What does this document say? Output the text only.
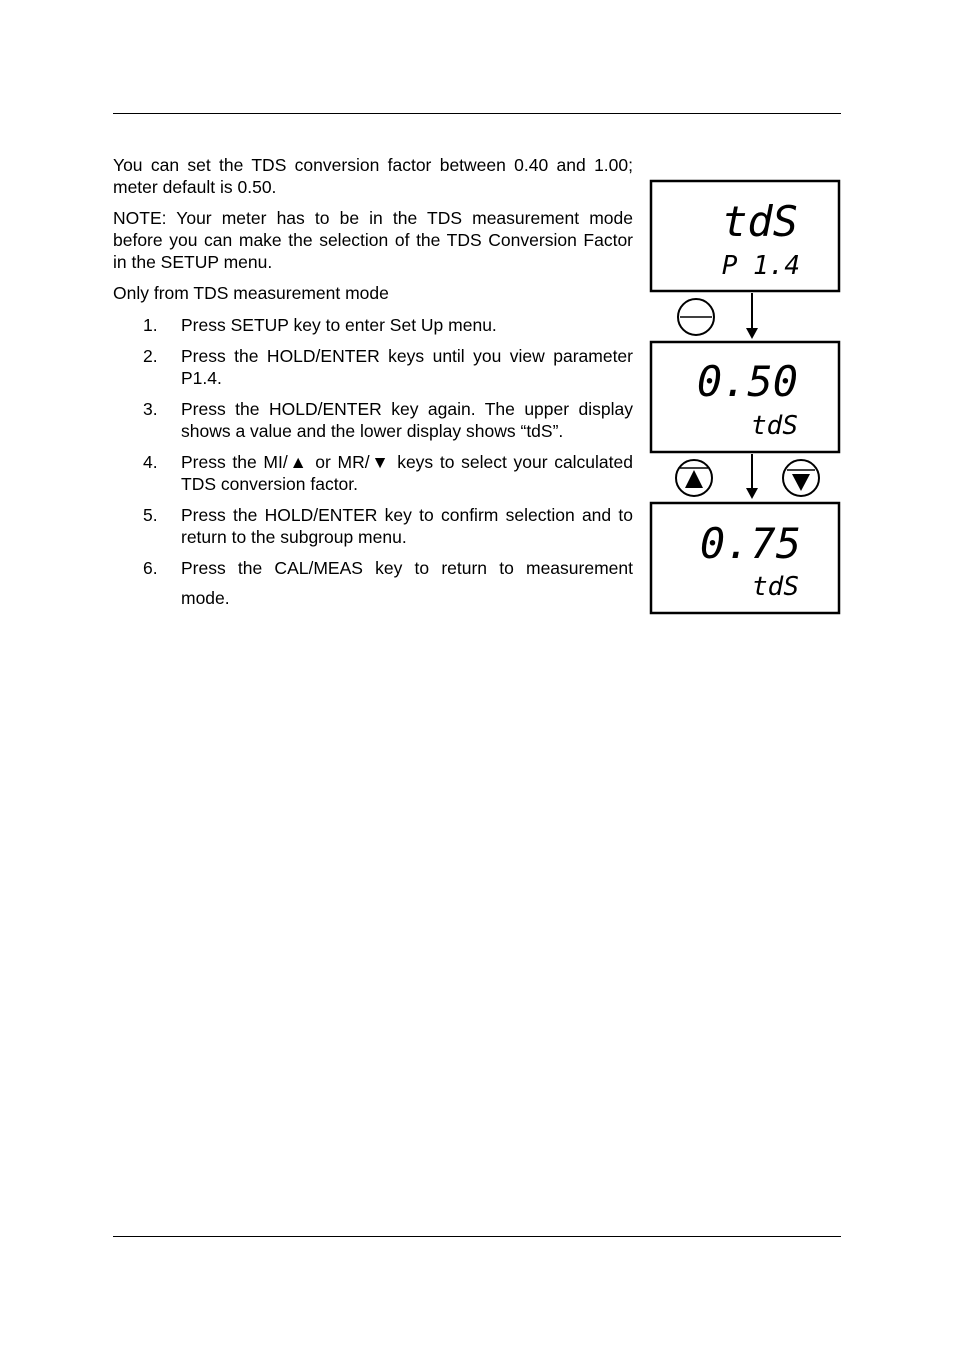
You can set the TDS conversion factor between 0.40 and 1.00; meter default is 0.50.

NOTE: Your meter has to be in the TDS measurement mode before you can make the selection of the TDS Conversion Factor in the SETUP menu.

Only from TDS measurement mode

1.	Press SETUP key to enter Set Up menu.
2.	Press the HOLD/ENTER keys until you view parameter P1.4.
3.	Press the HOLD/ENTER key again. The upper display shows a value and the lower display shows “tdS”.
4.	Press the MI/▲ or MR/▼ keys to select your calculated TDS conversion factor.
5.	Press the HOLD/ENTER key to confirm selection and to return to the subgroup menu.
6.	Press the CAL/MEAS key to return to measurement mode.
tdS
P 1.4
0.50
tdS
0.75
tdS
